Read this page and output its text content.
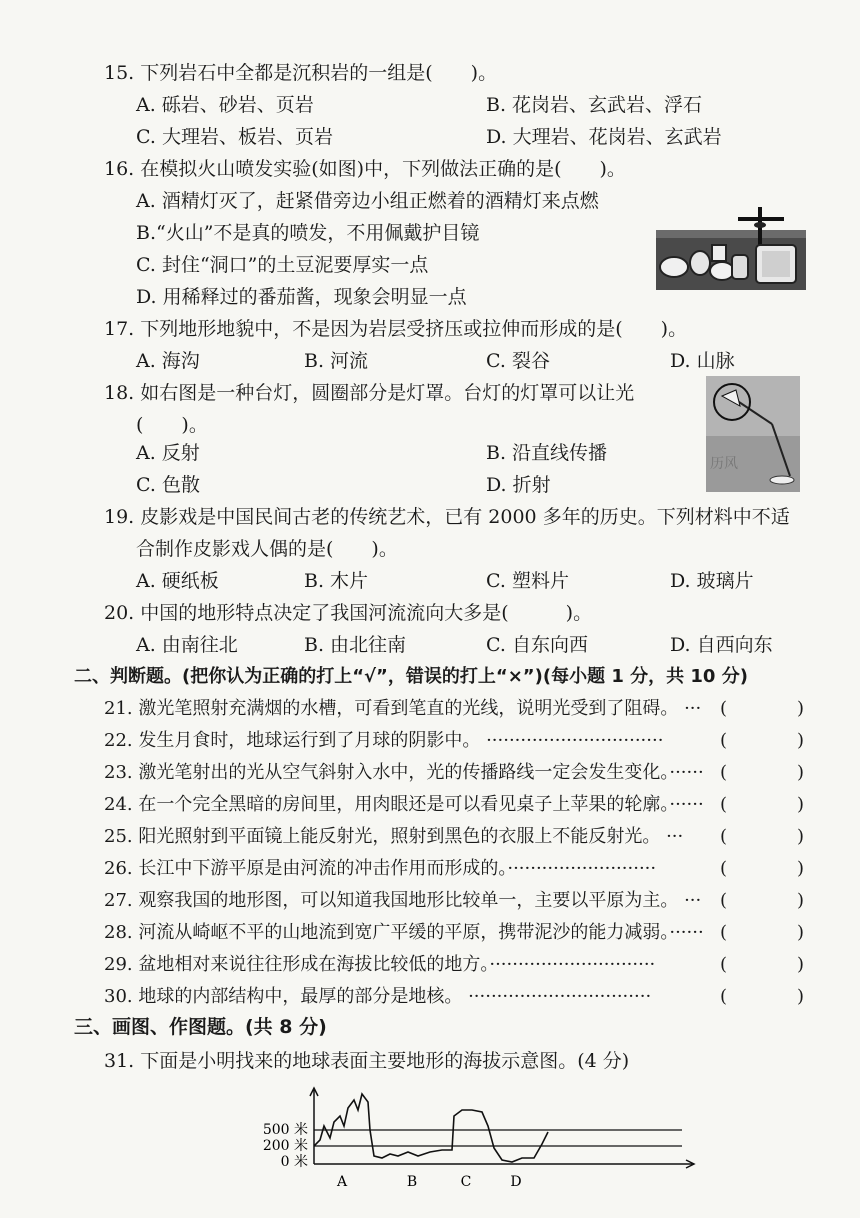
15. 下列岩石中全都是沉积岩的一组是(　　)。
A. 砾岩、砂岩、页岩	B. 花岗岩、玄武岩、浮石
C. 大理岩、板岩、页岩	D. 大理岩、花岗岩、玄武岩
16. 在模拟火山喷发实验(如图)中，下列做法正确的是(　　)。
A. 酒精灯灭了，赶紧借旁边小组正燃着的酒精灯来点燃
B.“火山”不是真的喷发，不用佩戴护目镜
C. 封住“洞口”的土豆泥要厚实一点
D. 用稀释过的番茄酱，现象会明显一点
17. 下列地形地貌中，不是因为岩层受挤压或拉伸而形成的是(　　)。
A. 海沟	B. 河流	C. 裂谷	D. 山脉
18. 如右图是一种台灯，圆圈部分是灯罩。台灯的灯罩可以让光
(　　)。
A. 反射	B. 沿直线传播
C. 色散	D. 折射
历风
19. 皮影戏是中国民间古老的传统艺术，已有 2000 多年的历史。下列材料中不适
合制作皮影戏人偶的是(　　)。
A. 硬纸板	B. 木片	C. 塑料片	D. 玻璃片
20. 中国的地形特点决定了我国河流流向大多是(　　　)。
A. 由南往北	B. 由北往南	C. 自东向西	D. 自西向东
二、判断题。(把你认为正确的打上“√”，错误的打上“×”)(每小题 1 分，共 10 分)
21. 激光笔照射充满烟的水槽，可看到笔直的光线，说明光受到了阻碍。 ··· (	)
22. 发生月食时，地球运行到了月球的阴影中。 ·······························	(	)
23. 激光笔射出的光从空气斜射入水中，光的传播路线一定会发生变化。······ (	)
24. 在一个完全黑暗的房间里，用肉眼还是可以看见桌子上苹果的轮廓。······ (	)
25. 阳光照射到平面镜上能反射光，照射到黑色的衣服上不能反射光。 ··· (	)
26. 长江中下游平原是由河流的冲击作用而形成的。··························	(	)
27. 观察我国的地形图，可以知道我国地形比较单一，主要以平原为主。 ··· (	)
28. 河流从崎岖不平的山地流到宽广平缓的平原，携带泥沙的能力减弱。······ (	)
29. 盆地相对来说往往形成在海拔比较低的地方。·····························	(	)
30. 地球的内部结构中，最厚的部分是地核。 ································	(	)
三、画图、作图题。(共 8 分)
31. 下面是小明找来的地球表面主要地形的海拔示意图。(4 分)
500 米
200 米
0 米
A	B	C	D
